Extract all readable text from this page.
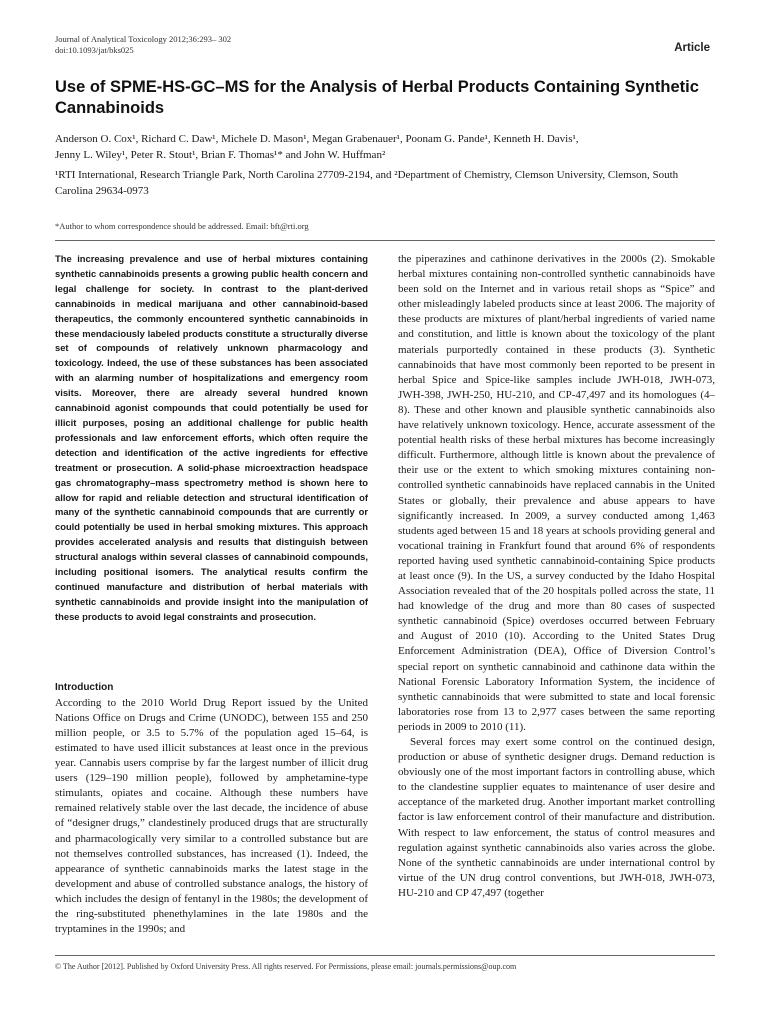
Journal of Analytical Toxicology 2012;36:293– 302
doi:10.1093/jat/bks025	Article
Use of SPME-HS-GC–MS for the Analysis of Herbal Products Containing Synthetic Cannabinoids
Anderson O. Cox¹, Richard C. Daw¹, Michele D. Mason¹, Megan Grabenauer¹, Poonam G. Pande¹, Kenneth H. Davis¹,
Jenny L. Wiley¹, Peter R. Stout¹, Brian F. Thomas¹* and John W. Huffman²
¹RTI International, Research Triangle Park, North Carolina 27709-2194, and ²Department of Chemistry, Clemson University, Clemson, South Carolina 29634-0973
*Author to whom correspondence should be addressed. Email: bft@rti.org

The increasing prevalence and use of herbal mixtures containing synthetic cannabinoids presents a growing public health concern and legal challenge for society. In contrast to the plant-derived cannabinoids in medical marijuana and other cannabinoid-based therapeutics, the commonly encountered synthetic cannabinoids in these mendaciously labeled products constitute a structurally diverse set of compounds of relatively unknown pharmacology and toxicology. Indeed, the use of these substances has been associated with an alarming number of hospitalizations and emergency room visits. Moreover, there are already several hundred known cannabinoid agonist compounds that could potentially be used for illicit purposes, posing an additional challenge for public health professionals and law enforcement efforts, which often require the detection and identification of the active ingredients for effective treatment or prosecution. A solid-phase microextraction headspace gas chromatography–mass spectrometry method is shown here to allow for rapid and reliable detection and structural identification of many of the synthetic cannabinoid compounds that are currently or could potentially be used in herbal smoking mixtures. This approach provides accelerated analysis and results that distinguish between structural analogs within several classes of cannabinoid compounds, including positional isomers. The analytical results confirm the continued manufacture and distribution of herbal materials with synthetic cannabinoids and provide insight into the manipulation of these products to avoid legal constraints and prosecution.

Introduction

According to the 2010 World Drug Report issued by the United Nations Office on Drugs and Crime (UNODC), between 155 and 250 million people, or 3.5 to 5.7% of the population aged 15–64, is estimated to have used illicit substances at least once in the previous year. Cannabis users comprise by far the largest number of illicit drug users (129–190 million people), followed by amphetamine-type stimulants, opiates and cocaine. Although these numbers have remained relatively stable over the last decade, the incidence of abuse of “designer drugs,” clandestinely produced drugs that are structurally and pharmacologically very similar to a controlled substance but are not themselves controlled substances, has increased (1). Indeed, the appearance of synthetic cannabinoids marks the latest stage in the development and abuse of controlled substance analogs, the history of which includes the design of fentanyl in the 1980s; the development of the ring-substituted phenethylamines in the late 1980s and the tryptamines in the 1990s; and

the piperazines and cathinone derivatives in the 2000s (2). Smokable herbal mixtures containing non-controlled synthetic cannabinoids have been sold on the Internet and in various retail shops as “Spice” and other misleadingly labeled products since at least 2006. The majority of these products are mixtures of plant/herbal ingredients of varied name and constitution, and little is known about the toxicology of the plant materials purportedly contained in these products (3). Synthetic cannabinoids that have most commonly been reported to be present in herbal Spice and Spice-like samples include JWH-018, JWH-073, JWH-398, JWH-250, HU-210, and CP-47,497 and its homologues (4–8). These and other known and plausible synthetic cannabinoids also have relatively unknown toxicology. Hence, accurate assessment of the potential health risks of these herbal mixtures has become increasingly difficult. Furthermore, although little is known about the prevalence of their use or the extent to which smoking mixtures containing non-controlled synthetic cannabinoids have replaced cannabis in the United States or globally, their prevalence and abuse appears to have significantly increased. In 2009, a survey conducted among 1,463 students aged between 15 and 18 years at schools providing general and vocational training in Frankfurt found that around 6% of respondents reported having used synthetic cannabinoid-containing Spice products at least once (9). In the US, a survey conducted by the Idaho Hospital Association revealed that of the 20 hospitals polled across the state, 11 had knowledge of the drug and more than 80 cases of suspected synthetic cannabinoid (Spice) overdoses occurred between February and August of 2010 (10). According to the United States Drug Enforcement Administration (DEA), Office of Diversion Control’s special report on synthetic cannabinoid and cathinone data within the National Forensic Laboratory Information System, the incidence of synthetic cannabinoids that were submitted to state and local forensic laboratories rose from 13 to 2,977 cases between the same reporting periods in 2009 to 2010 (11).

Several forces may exert some control on the continued design, production or abuse of synthetic designer drugs. Demand reduction is obviously one of the most important factors in controlling abuse, which to the clandestine supplier equates to maintenance of user desire and acceptance of the marketed drug. Another important market controlling factor is law enforcement control of their manufacture and distribution. With respect to law enforcement, the status of control measures and regulation against synthetic cannabinoids also varies across the globe. None of the synthetic cannabinoids are under international control by virtue of the UN drug control conventions, but JWH-018, JWH-073, HU-210 and CP 47,497 (together

© The Author [2012]. Published by Oxford University Press. All rights reserved. For Permissions, please email: journals.permissions@oup.com
